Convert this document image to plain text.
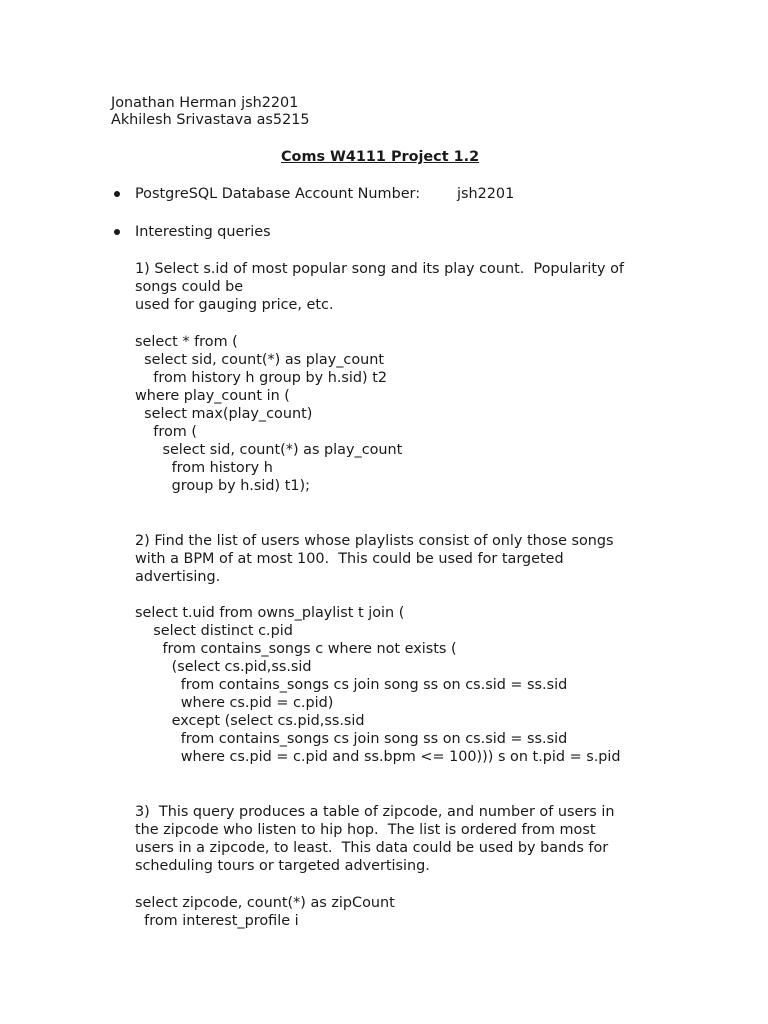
Jonathan Herman jsh2201
Akhilesh Srivastava as5215
Coms W4111 Project 1.2
PostgreSQL Database Account Number:	jsh2201
Interesting queries
1) Select s.id of most popular song and its play count.  Popularity of
songs could be
used for gauging price, etc.
select * from (
select sid, count(*) as play_count
from history h group by h.sid) t2
where play_count in (
select max(play_count)
from (
select sid, count(*) as play_count
from history h
group by h.sid) t1);
2) Find the list of users whose playlists consist of only those songs
with a BPM of at most 100.  This could be used for targeted
advertising.
select t.uid from owns_playlist t join (
select distinct c.pid
from contains_songs c where not exists (
(select cs.pid,ss.sid
from contains_songs cs join song ss on cs.sid = ss.sid
where cs.pid = c.pid)
except (select cs.pid,ss.sid
from contains_songs cs join song ss on cs.sid = ss.sid
where cs.pid = c.pid and ss.bpm <= 100))) s on t.pid = s.pid
3)  This query produces a table of zipcode, and number of users in
the zipcode who listen to hip hop.  The list is ordered from most
users in a zipcode, to least.  This data could be used by bands for
scheduling tours or targeted advertising.
select zipcode, count(*) as zipCount
from interest_profile i
